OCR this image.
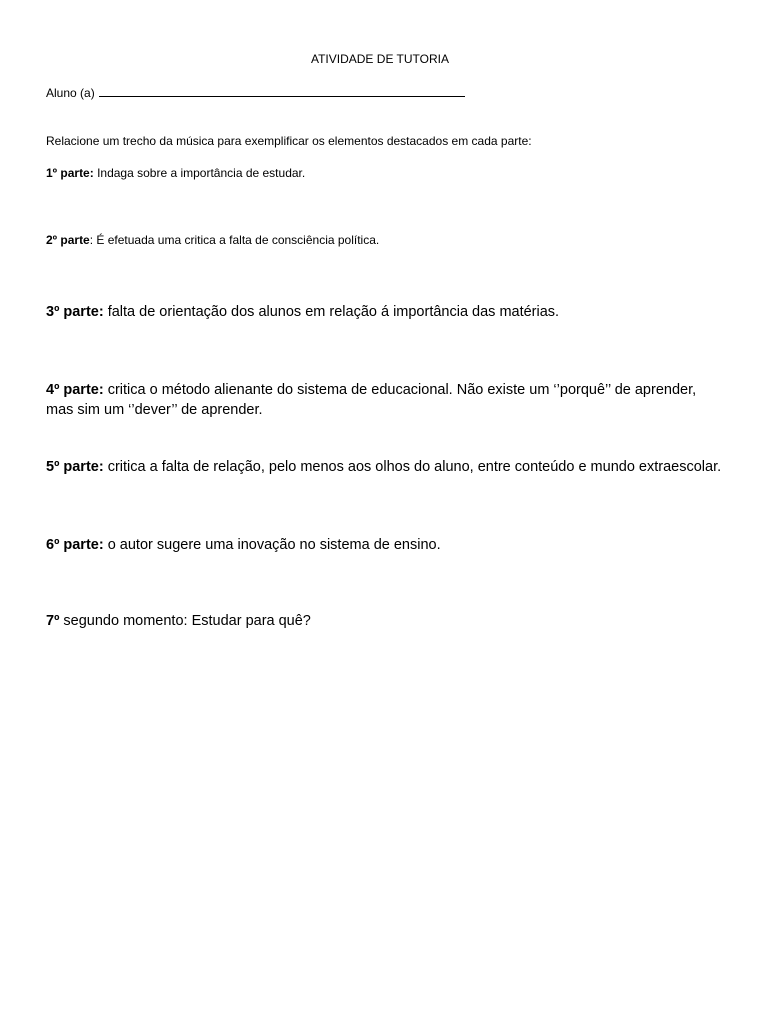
ATIVIDADE DE TUTORIA
Aluno (a)
Relacione um trecho da música para exemplificar os elementos destacados em cada parte:
1º parte: Indaga sobre a importância de estudar.
2º parte: É efetuada uma critica a falta de consciência política.
3º parte: falta de orientação dos alunos em relação á importância das matérias.
4º parte: critica o método alienante do sistema de educacional. Não existe um ‘’porquê’’ de aprender, mas sim um ‘’dever’’ de aprender.
5º parte: critica a falta de relação, pelo menos aos olhos do aluno, entre conteúdo e mundo extraescolar.
6º parte: o autor sugere uma inovação no sistema de ensino.
7º segundo momento: Estudar para quê?
